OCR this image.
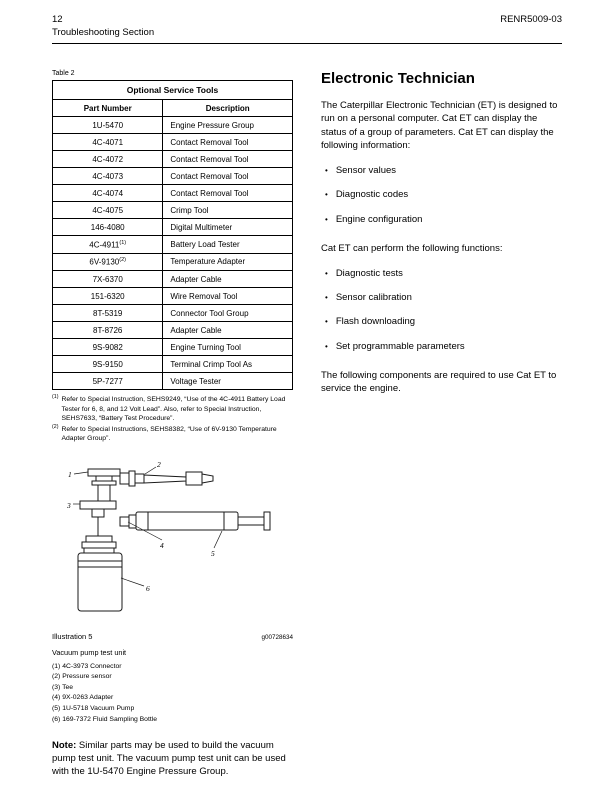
12	RENR5009-03
Troubleshooting Section
Table 2
Optional Service Tools	
Part Number	Description
1U-5470	Engine Pressure Group
4C-4071	Contact Removal Tool
4C-4072	Contact Removal Tool
4C-4073	Contact Removal Tool
4C-4074	Contact Removal Tool
4C-4075	Crimp Tool
146-4080	Digital Multimeter
4C-4911$^{(1)}$	Battery Load Tester
6V-9130$^{(2)}$	Temperature Adapter
7X-6370	Adapter Cable
151-6320	Wire Removal Tool
8T-5319	Connector Tool Group
8T-8726	Adapter Cable
9S-9082	Engine Turning Tool
9S-9150	Terminal Crimp Tool As
5P-7277	Voltage Tester
(1) Refer to Special Instruction, SEHS9249, “Use of the 4C-4911 Battery Load Tester for 6, 8, and 12 Volt Lead”. Also, refer to Special Instruction, SEHS7633, “Battery Test Procedure”.
(2) Refer to Special Instructions, SEHS8382, “Use of 6V-9130 Temperature Adapter Group”.
1
2
3
4
5
6
Illustration 5	g00728634
Vacuum pump test unit
(1) 4C-3973 Connector
(2) Pressure sensor
(3) Tee
(4) 9X-0263 Adapter
(5) 1U-5718 Vacuum Pump
(6) 169-7372 Fluid Sampling Bottle
Note: Similar parts may be used to build the vacuum pump test unit. The vacuum pump test unit can be used with the 1U-5470 Engine Pressure Group.
Electronic Technician

The Caterpillar Electronic Technician (ET) is designed to run on a personal computer. Cat ET can display the status of a group of parameters. Cat ET can display the following information:

• Sensor values
• Diagnostic codes
• Engine configuration

Cat ET can perform the following functions:

• Diagnostic tests
• Sensor calibration
• Flash downloading
• Set programmable parameters

The following components are required to use Cat ET to service the engine.
